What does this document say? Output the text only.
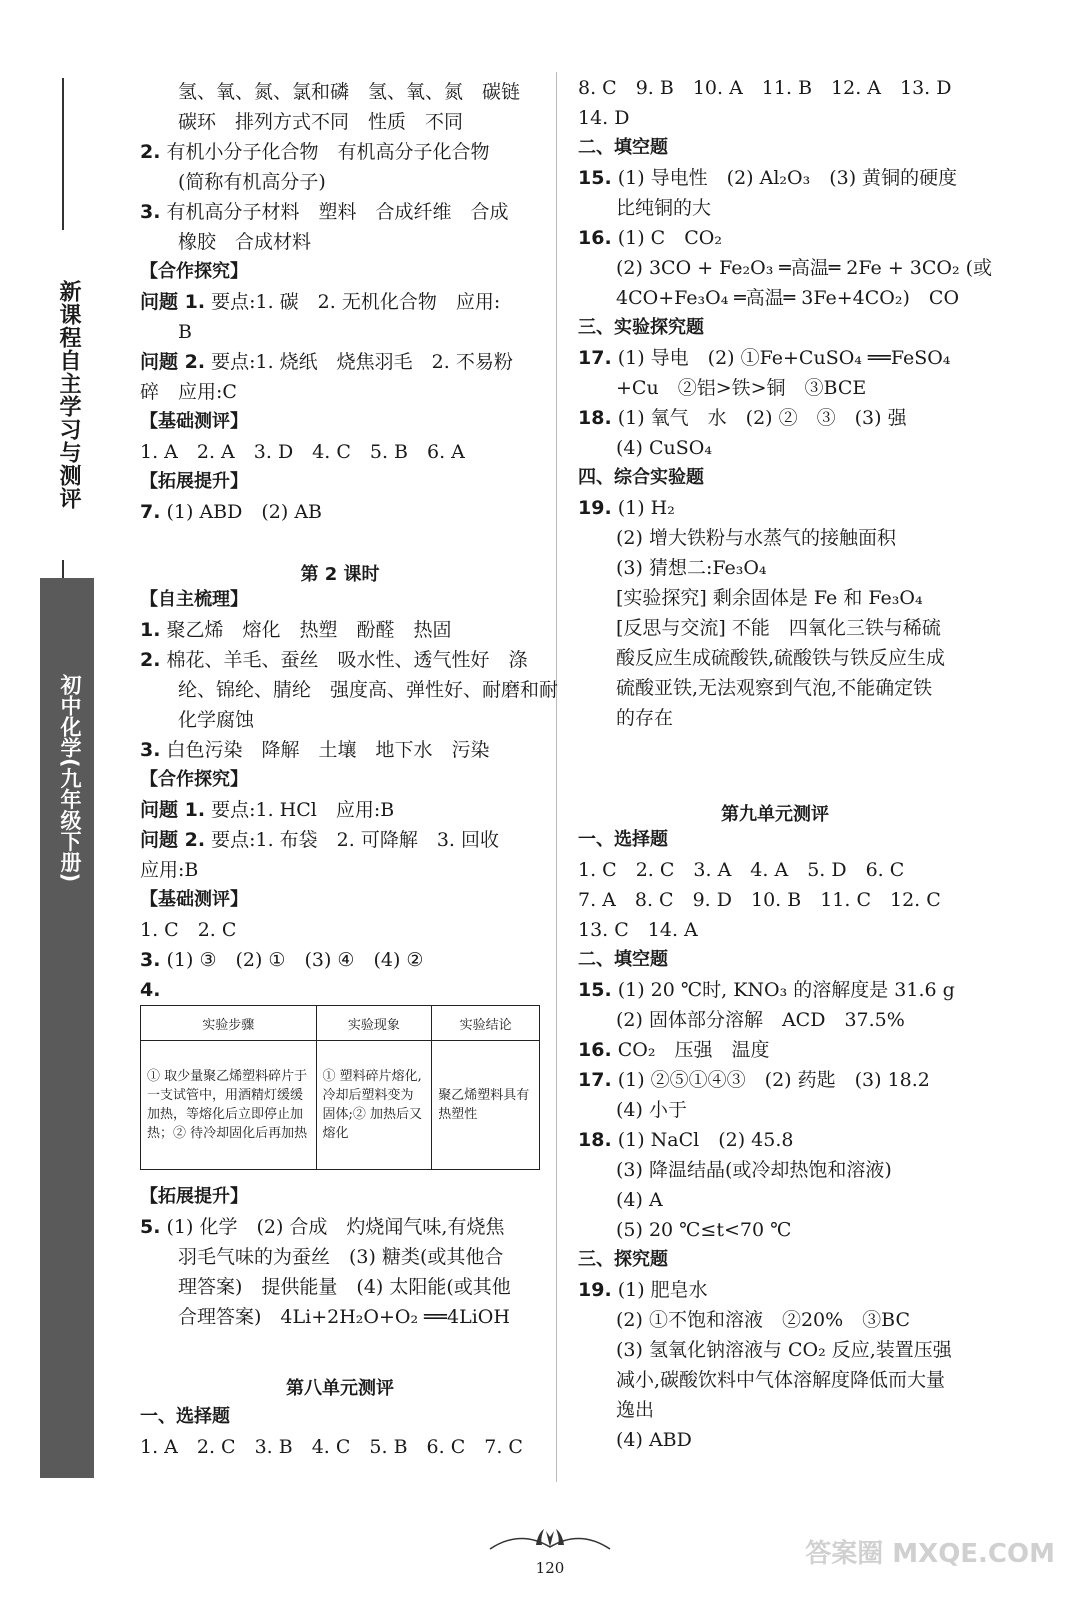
新课程自主学习与测评
初中化学(九年级下册)
　　氢、氧、氮、氯和磷　氢、氧、氮　碳链
　　碳环　排列方式不同　性质　不同
2. 有机小分子化合物　有机高分子化合物
　　(简称有机高分子)
3. 有机高分子材料　塑料　合成纤维　合成
　　橡胶　合成材料
【合作探究】
问题 1. 要点:1. 碳　2. 无机化合物　应用:
　　B
问题 2. 要点:1. 烧纸　烧焦羽毛　2. 不易粉
碎　应用:C
【基础测评】
1. A　2. A　3. D　4. C　5. B　6. A
【拓展提升】
7. (1) ABD　(2) AB
【自主梳理】
1. 聚乙烯　熔化　热塑　酚醛　热固
2. 棉花、羊毛、蚕丝　吸水性、透气性好　涤
　　纶、锦纶、腈纶　强度高、弹性好、耐磨和耐
　　化学腐蚀
3. 白色污染　降解　土壤　地下水　污染
【合作探究】
问题 1. 要点:1. HCl　应用:B
问题 2. 要点:1. 布袋　2. 可降解　3. 回收
应用:B
【基础测评】
1. C　2. C
3. (1) ③　(2) ①　(3) ④　(4) ②
4.
【拓展提升】
5. (1) 化学　(2) 合成　灼烧闻气味,有烧焦
　　羽毛气味的为蚕丝　(3) 糖类(或其他合
　　理答案)　提供能量　(4) 太阳能(或其他
　　合理答案)　4Li+2H₂O+O₂ ══4LiOH
一、选择题
1. A　2. C　3. B　4. C　5. B　6. C　7. C
8. C　9. B　10. A　11. B　12. A　13. D
14. D
二、填空题
15. (1) 导电性　(2) Al₂O₃　(3) 黄铜的硬度
　　比纯铜的大
16. (1) C　CO₂
　　(2) 3CO + Fe₂O₃ ═高温═ 2Fe + 3CO₂ (或
　　4CO+Fe₃O₄ ═高温═ 3Fe+4CO₂)　CO
三、实验探究题
17. (1) 导电　(2) ①Fe+CuSO₄ ══FeSO₄
　　+Cu　②铝>铁>铜　③BCE
18. (1) 氧气　水　(2) ②　③　(3) 强
　　(4) CuSO₄
四、综合实验题
19. (1) H₂
　　(2) 增大铁粉与水蒸气的接触面积
　　(3) 猜想二:Fe₃O₄
　　[实验探究] 剩余固体是 Fe 和 Fe₃O₄
　　[反思与交流] 不能　四氧化三铁与稀硫
　　酸反应生成硫酸铁,硫酸铁与铁反应生成
　　硫酸亚铁,无法观察到气泡,不能确定铁
　　的存在
一、选择题
1. C　2. C　3. A　4. A　5. D　6. C
7. A　8. C　9. D　10. B　11. C　12. C
13. C　14. A
二、填空题
15. (1) 20 ℃时, KNO₃ 的溶解度是 31.6 g
　　(2) 固体部分溶解　ACD　37.5%
16. CO₂　压强　温度
17. (1) ②⑤①④③　(2) 药匙　(3) 18.2
　　(4) 小于
18. (1) NaCl　(2) 45.8
　　(3) 降温结晶(或冷却热饱和溶液)
　　(4) A
　　(5) 20 ℃≤t<70 ℃
三、探究题
19. (1) 肥皂水
　　(2) ①不饱和溶液　②20%　③BC
　　(3) 氢氧化钠溶液与 CO₂ 反应,装置压强
　　减小,碳酸饮料中气体溶解度降低而大量
　　逸出
　　(4) ABD
实验步骤	实验现象	实验结论
① 取少量聚乙烯塑料碎片于一支试管中，用酒精灯缓缓加热，等熔化后立即停止加热；② 待冷却固化后再加热	① 塑料碎片熔化,冷却后塑料变为固体;② 加热后又熔化	聚乙烯塑料具有热塑性
第 2 课时
第八单元测评
第九单元测评
120	答案圈 MXQE.COM
